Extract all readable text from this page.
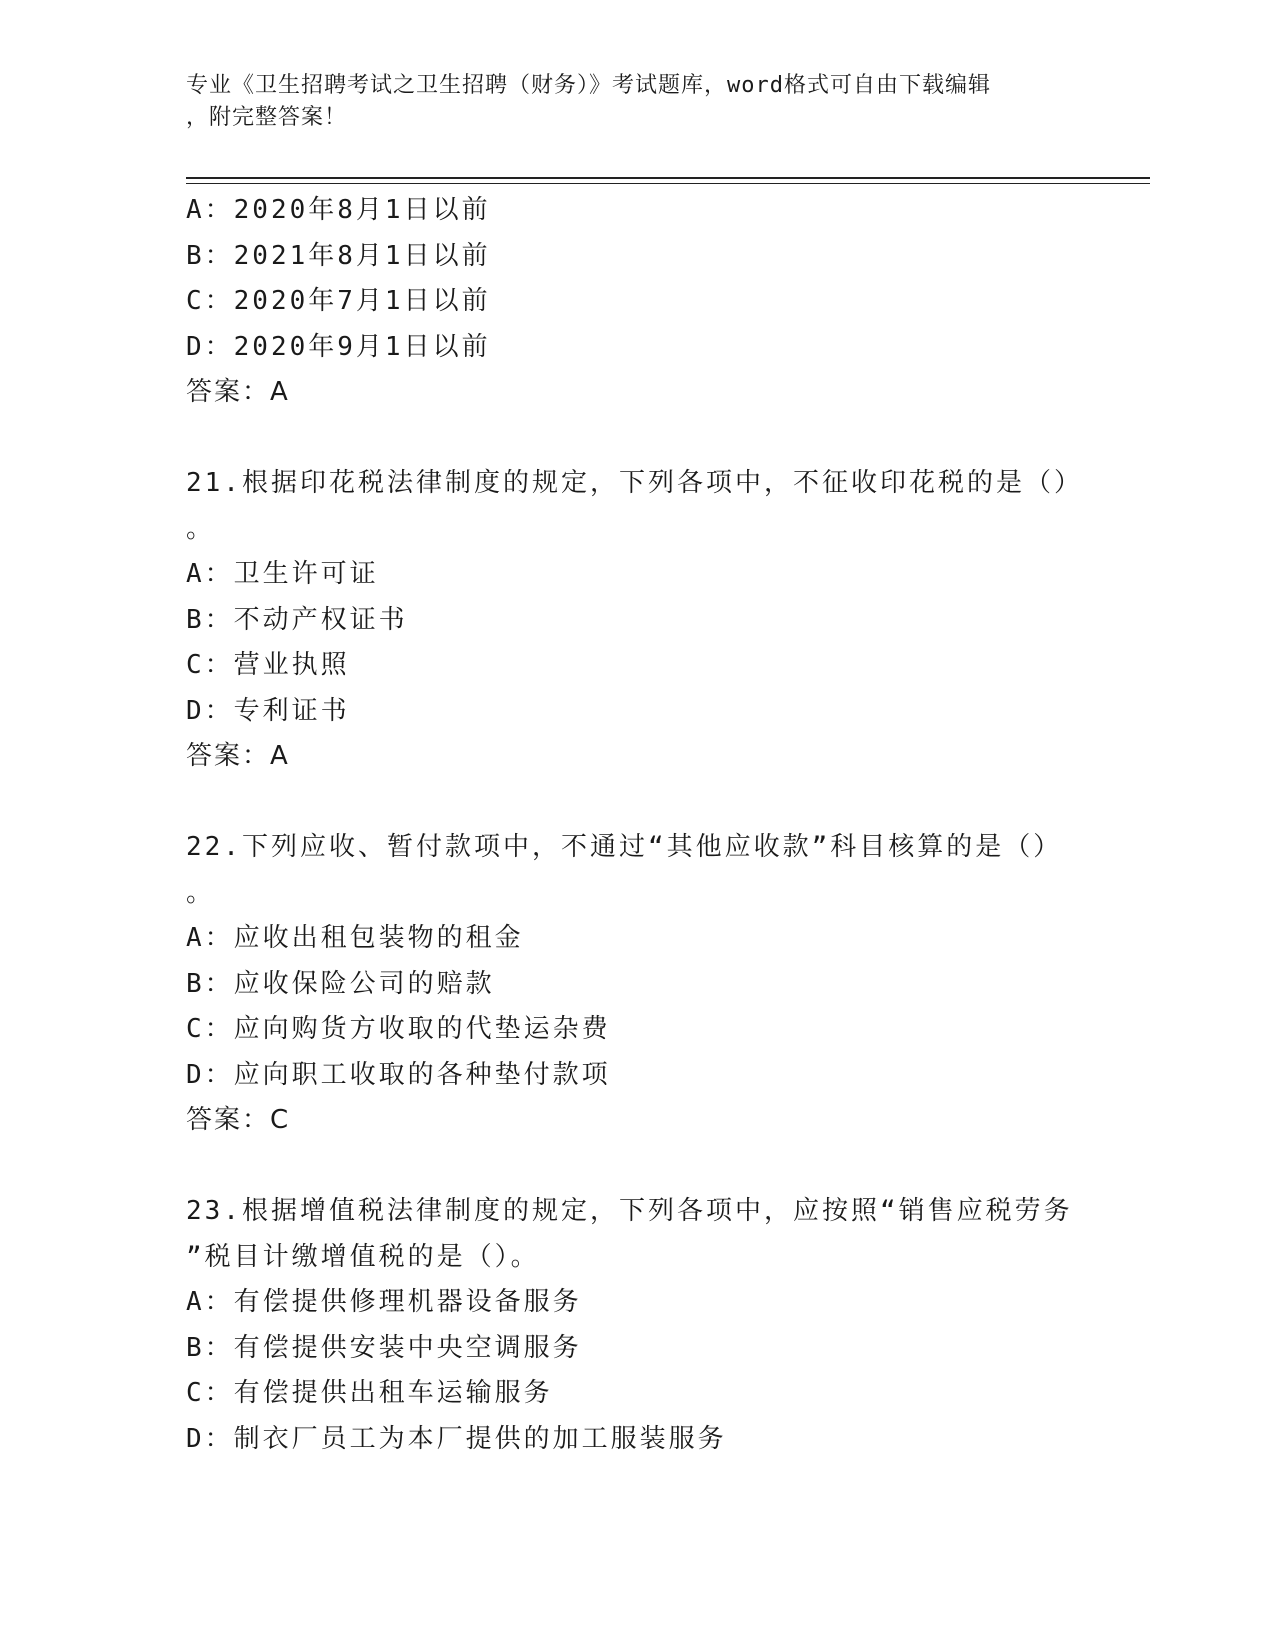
专业《卫生招聘考试之卫生招聘（财务）》考试题库，word格式可自由下载编辑
，附完整答案！
A：2020年8月1日以前
B：2021年8月1日以前
C：2020年7月1日以前
D：2020年9月1日以前
答案：A
21.根据印花税法律制度的规定，下列各项中，不征收印花税的是（）
。
A：卫生许可证
B：不动产权证书
C：营业执照
D：专利证书
答案：A
22.下列应收、暂付款项中，不通过“其他应收款”科目核算的是（）
。
A：应收出租包装物的租金
B：应收保险公司的赔款
C：应向购货方收取的代垫运杂费
D：应向职工收取的各种垫付款项
答案：C
23.根据增值税法律制度的规定，下列各项中，应按照“销售应税劳务
”税目计缴增值税的是（）。
A：有偿提供修理机器设备服务
B：有偿提供安装中央空调服务
C：有偿提供出租车运输服务
D：制衣厂员工为本厂提供的加工服装服务
